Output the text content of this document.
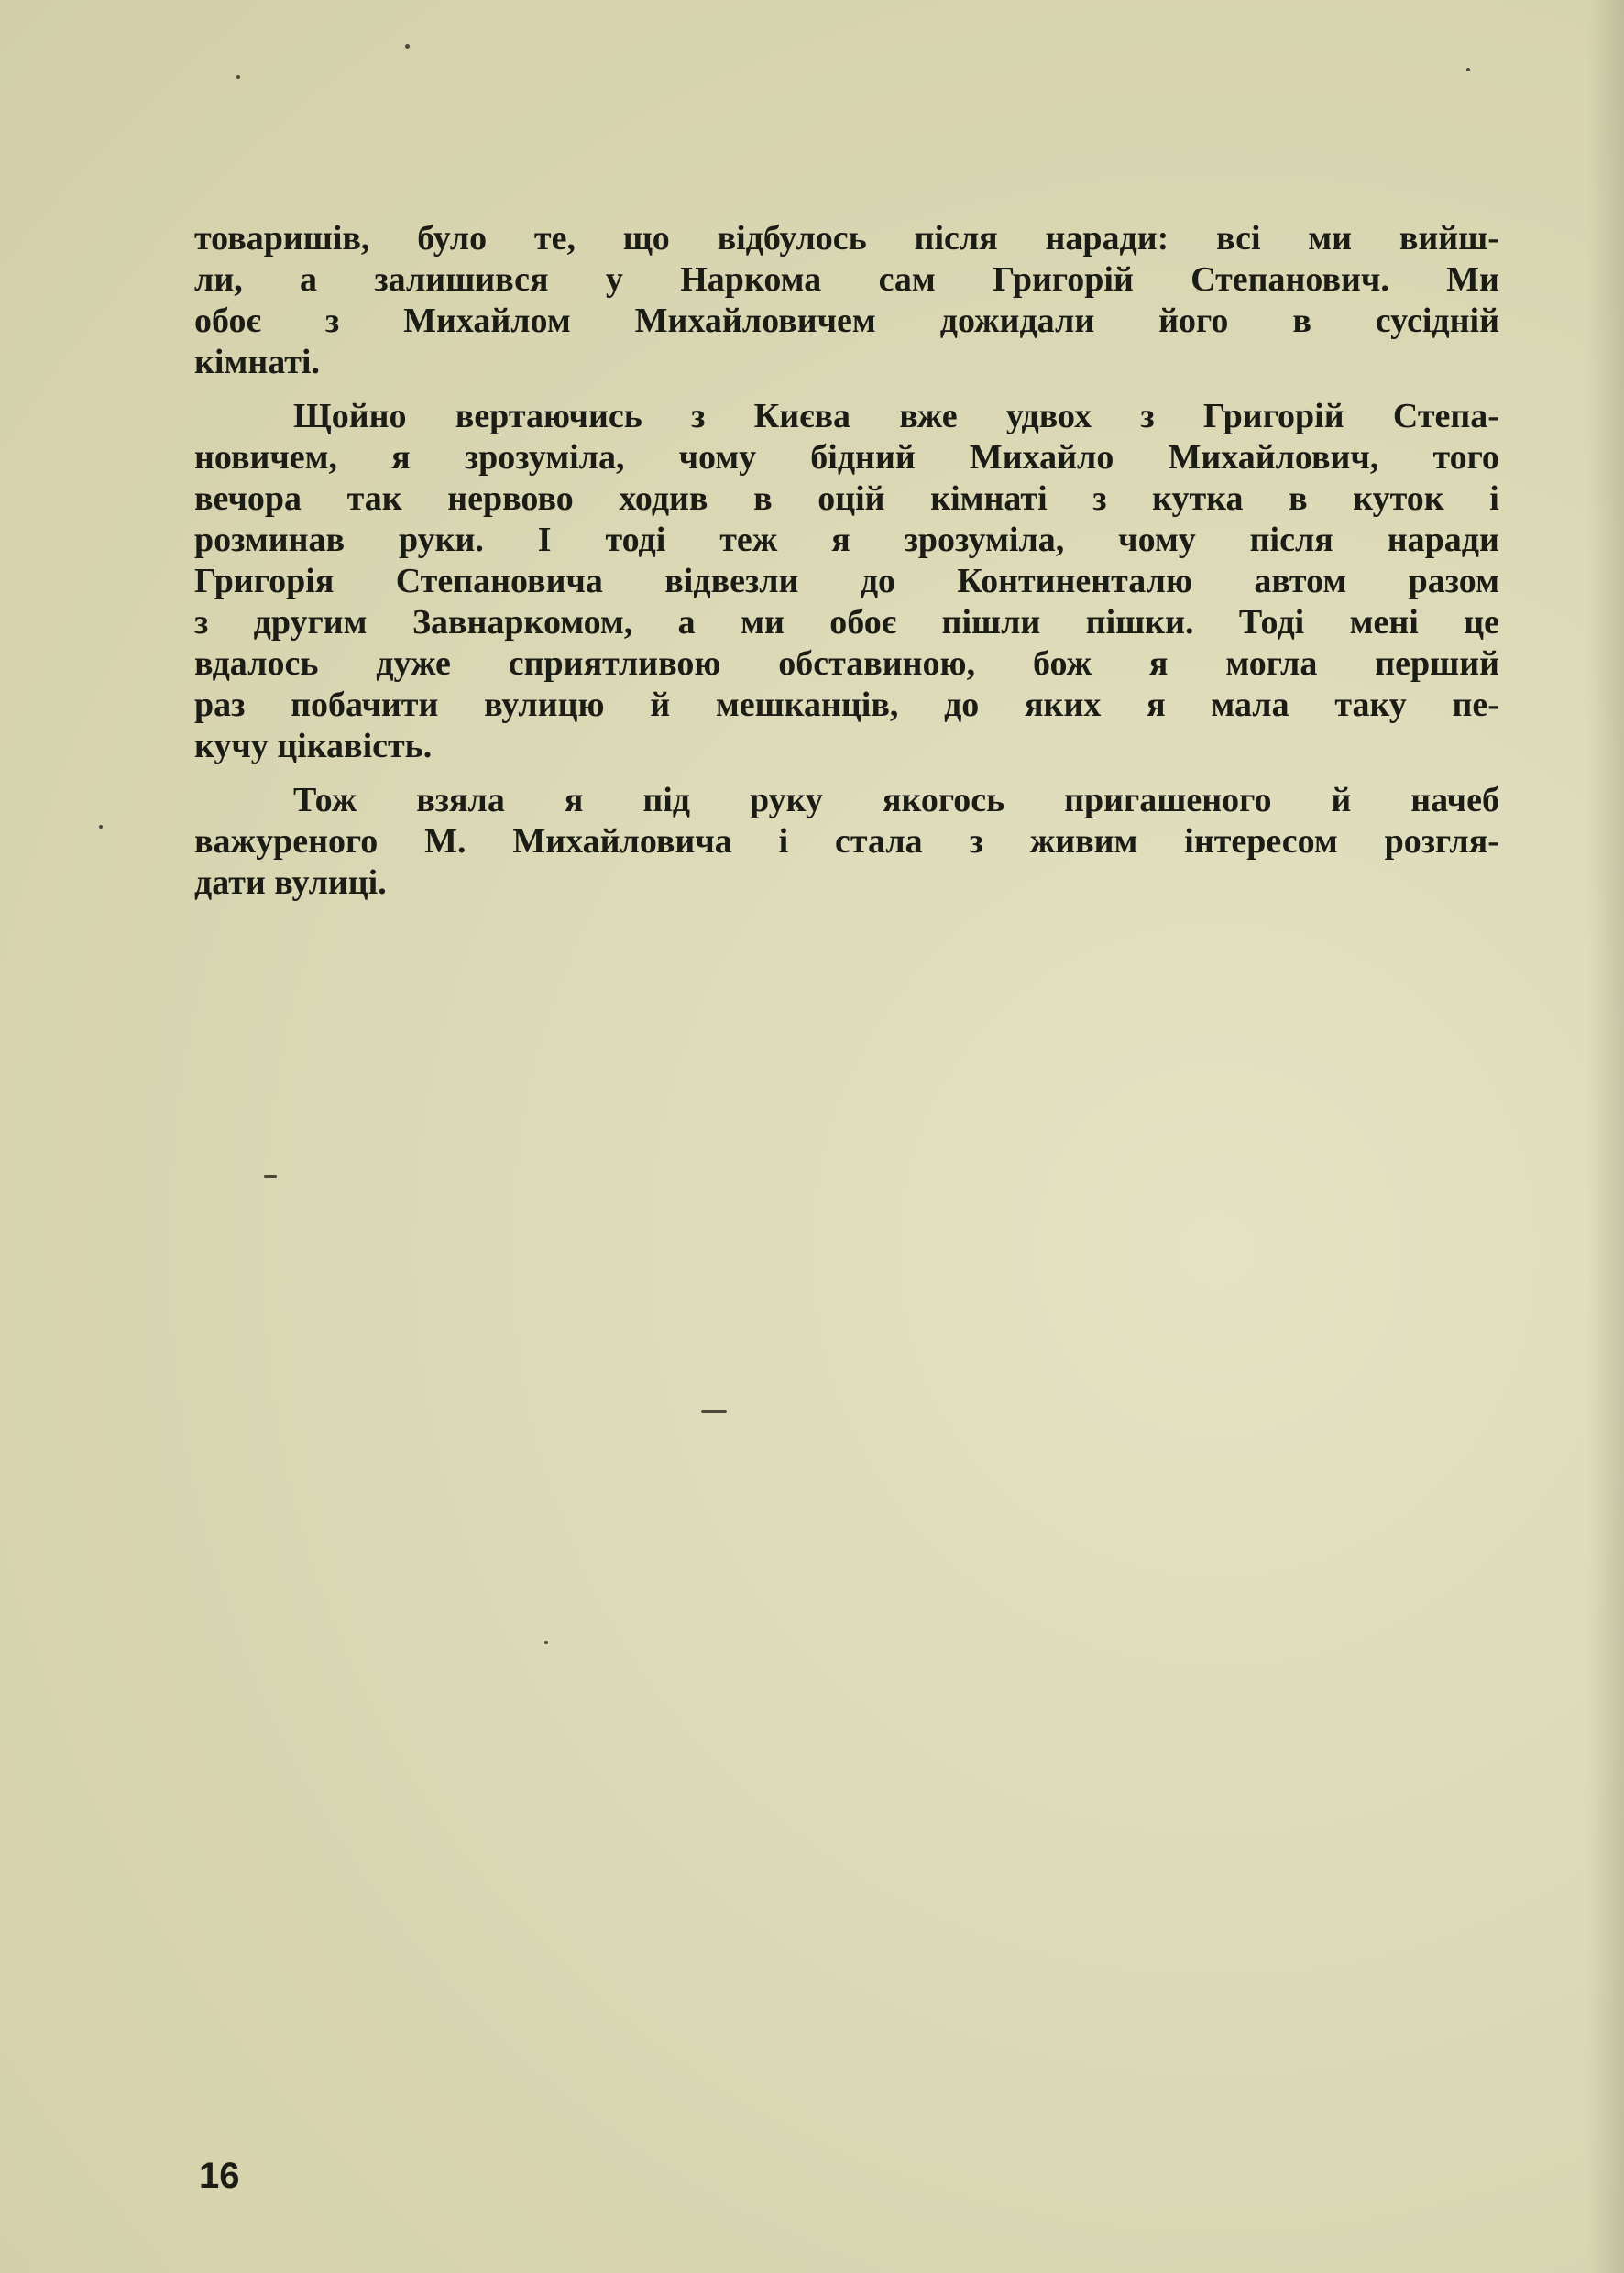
товаришів, було те, що відбулось після наради: всі ми вийш-
ли, а залишився у Наркома сам Григорій Степанович. Ми
обоє з Михайлом Михайловичем дожидали його в сусідній
кімнаті.
Щойно вертаючись з Києва вже удвох з Григорій Степа-
новичем, я зрозуміла, чому бідний Михайло Михайлович, того
вечора так нервово ходив в оцій кімнаті з кутка в куток і
розминав руки. І тоді теж я зрозуміла, чому після наради
Григорія Степановича відвезли до Континенталю автом разом
з другим Завнаркомом, а ми обоє пішли пішки. Тоді мені це
вдалось дуже сприятливою обставиною, бож я могла перший
раз побачити вулицю й мешканців, до яких я мала таку пе-
кучу цікавість.
Тож взяла я під руку якогось пригашеного й начеб
важуреного М. Михайловича і стала з живим інтересом розгля-
дати вулиці.
16
